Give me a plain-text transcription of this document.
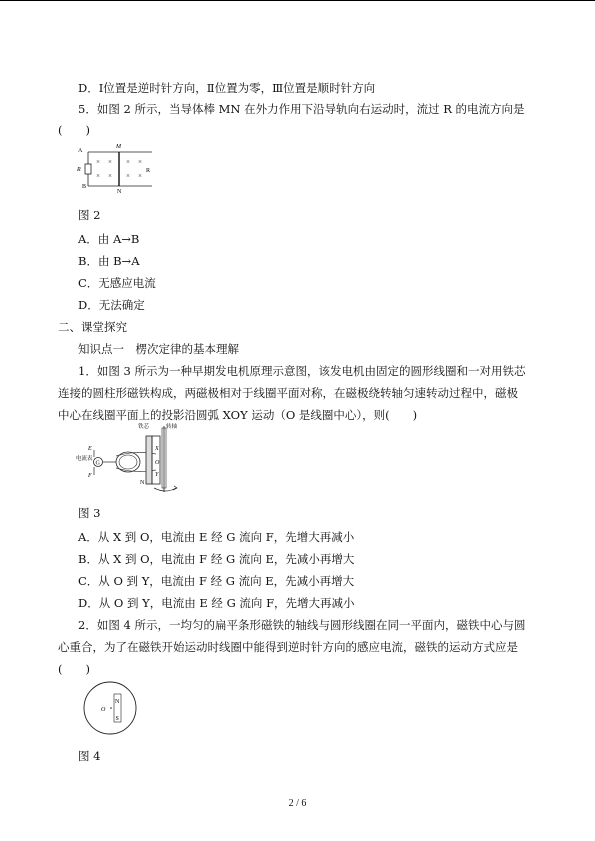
D．Ⅰ位置是逆时针方向，Ⅱ位置为零，Ⅲ位置是顺时针方向
5．如图 2 所示，当导体棒 MN 在外力作用下沿导轨向右运动时，流过 R 的电流方向是
(　　)
A
M
R	R
B
N
× × × ×
× × × ×
图 2
A．由 A→B
B．由 B→A
C．无感应电流
D．无法确定
二、课堂探究
知识点一　楞次定律的基本理解
1．如图 3 所示为一种早期发电机原理示意图，该发电机由固定的圆形线圈和一对用铁芯
连接的圆柱形磁铁构成，两磁极相对于线圈平面对称，在磁极绕转轴匀速转动过程中，磁极
中心在线圈平面上的投影沿圆弧 XOY 运动（O 是线圈中心），则(　　)
E
F
G
电流表
铁芯	转轴
X
O
Y
N
图 3
A．从 X 到 O，电流由 E 经 G 流向 F，先增大再减小
B．从 X 到 O，电流由 F 经 G 流向 E，先减小再增大
C．从 O 到 Y，电流由 F 经 G 流向 E，先减小再增大
D．从 O 到 Y，电流由 E 经 G 流向 F，先增大再减小
2．如图 4 所示，一均匀的扁平条形磁铁的轴线与圆形线圈在同一平面内，磁铁中心与圆
心重合，为了在磁铁开始运动时线圈中能得到逆时针方向的感应电流，磁铁的运动方式应是
(　　)
N
S
O
图 4
2 / 6
